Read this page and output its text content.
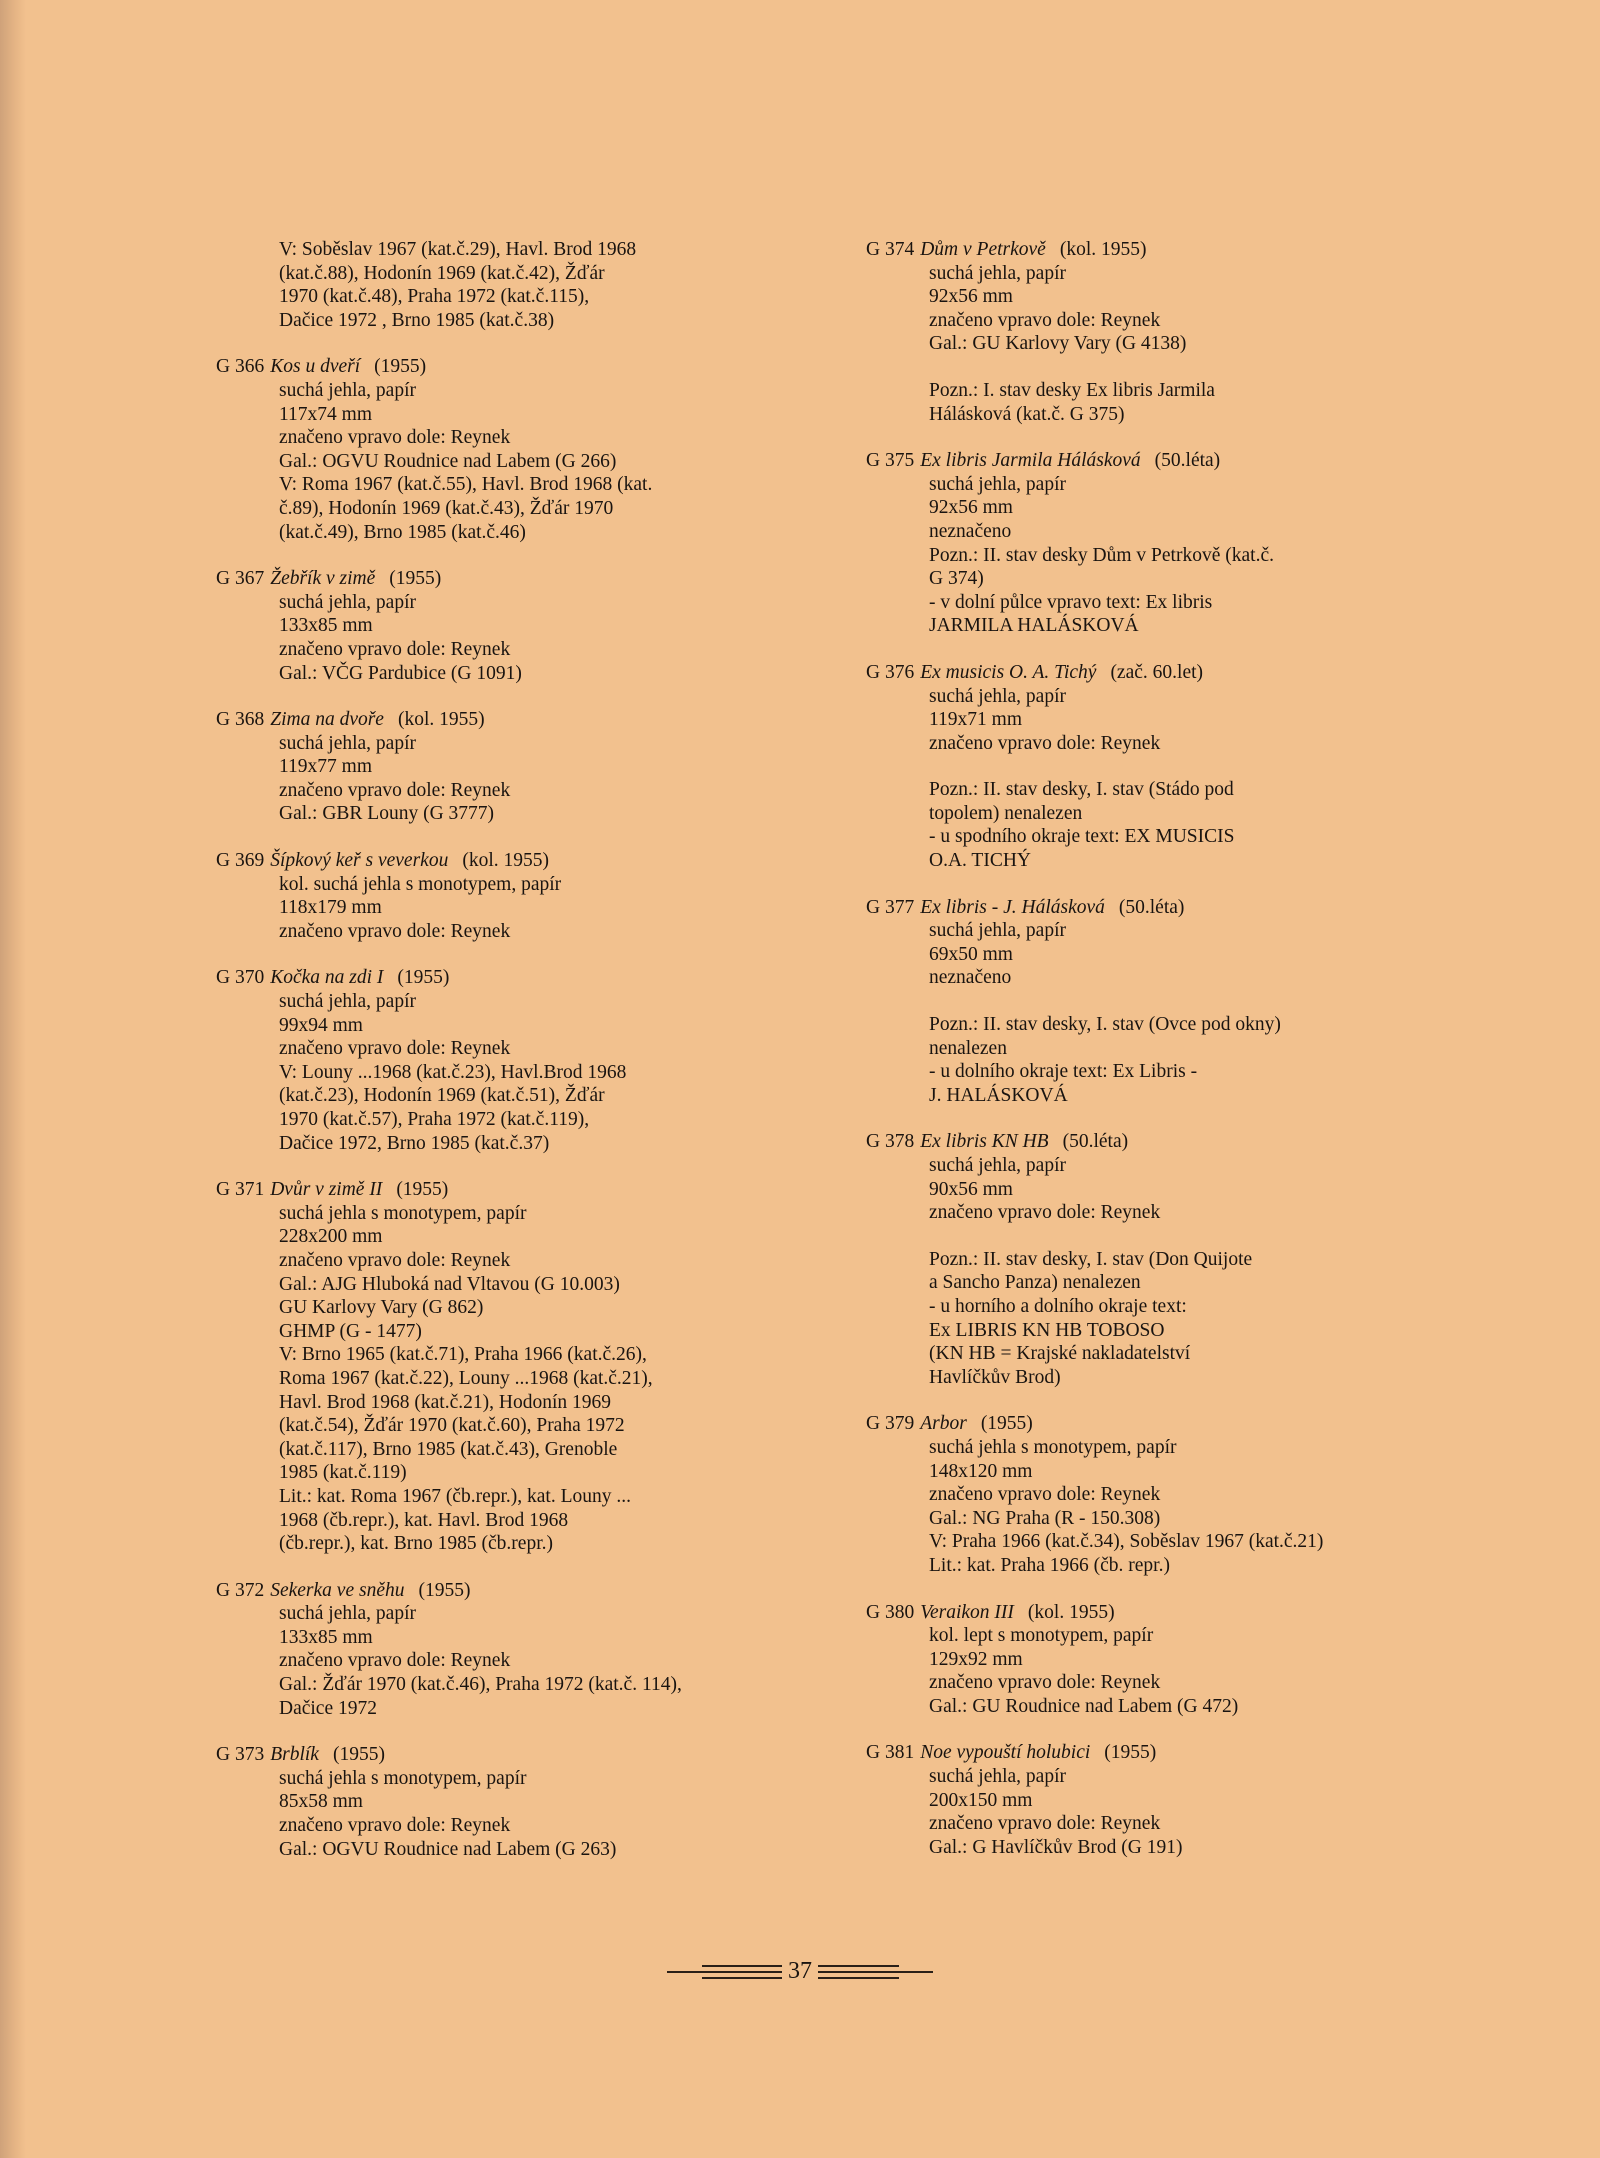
V: Soběslav 1967 (kat.č.29), Havl. Brod 1968
(kat.č.88), Hodonín 1969 (kat.č.42), Žďár
1970 (kat.č.48), Praha 1972 (kat.č.115),
Dačice 1972 , Brno 1985 (kat.č.38)
G 366 Kos u dveří (1955)
suchá jehla, papír
117x74 mm
značeno vpravo dole: Reynek
Gal.: OGVU Roudnice nad Labem (G 266)
V: Roma 1967 (kat.č.55), Havl. Brod 1968 (kat.
č.89), Hodonín 1969 (kat.č.43), Žďár 1970
(kat.č.49), Brno 1985 (kat.č.46)
G 367 Žebřík v zimě (1955)
suchá jehla, papír
133x85 mm
značeno vpravo dole: Reynek
Gal.: VČG Pardubice (G 1091)
G 368 Zima na dvoře (kol. 1955)
suchá jehla, papír
119x77 mm
značeno vpravo dole: Reynek
Gal.: GBR Louny (G 3777)
G 369 Šípkový keř s veverkou (kol. 1955)
kol. suchá jehla s monotypem, papír
118x179 mm
značeno vpravo dole: Reynek
G 370 Kočka na zdi I (1955)
suchá jehla, papír
99x94 mm
značeno vpravo dole: Reynek
V: Louny ...1968 (kat.č.23), Havl.Brod 1968
(kat.č.23), Hodonín 1969 (kat.č.51), Žďár
1970 (kat.č.57), Praha 1972 (kat.č.119),
Dačice 1972, Brno 1985 (kat.č.37)
G 371 Dvůr v zimě II (1955)
suchá jehla s monotypem, papír
228x200 mm
značeno vpravo dole: Reynek
Gal.: AJG Hluboká nad Vltavou (G 10.003)
GU Karlovy Vary (G 862)
GHMP (G - 1477)
V: Brno 1965 (kat.č.71), Praha 1966 (kat.č.26),
Roma 1967 (kat.č.22), Louny ...1968 (kat.č.21),
Havl. Brod 1968 (kat.č.21), Hodonín 1969
(kat.č.54), Žďár 1970 (kat.č.60), Praha 1972
(kat.č.117), Brno 1985 (kat.č.43), Grenoble
1985 (kat.č.119)
Lit.: kat. Roma 1967 (čb.repr.), kat. Louny ...
1968 (čb.repr.), kat. Havl. Brod 1968
(čb.repr.), kat. Brno 1985 (čb.repr.)
G 372 Sekerka ve sněhu (1955)
suchá jehla, papír
133x85 mm
značeno vpravo dole: Reynek
Gal.: Žďár 1970 (kat.č.46), Praha 1972 (kat.č. 114),
Dačice 1972
G 373 Brblík (1955)
suchá jehla s monotypem, papír
85x58 mm
značeno vpravo dole: Reynek
Gal.: OGVU Roudnice nad Labem (G 263)
G 374 Dům v Petrkově (kol. 1955)
suchá jehla, papír
92x56 mm
značeno vpravo dole: Reynek
Gal.: GU Karlovy Vary (G 4138)
Pozn.: I. stav desky Ex libris Jarmila
Hálásková (kat.č. G 375)
G 375 Ex libris Jarmila Hálásková (50.léta)
suchá jehla, papír
92x56 mm
neznačeno
Pozn.: II. stav desky Dům v Petrkově (kat.č.
G 374)
- v dolní půlce vpravo text: Ex libris
JARMILA HALÁSKOVÁ
G 376 Ex musicis O. A. Tichý (zač. 60.let)
suchá jehla, papír
119x71 mm
značeno vpravo dole: Reynek
Pozn.: II. stav desky, I. stav (Stádo pod
topolem) nenalezen
- u spodního okraje text: EX MUSICIS
O.A. TICHÝ
G 377 Ex libris - J. Hálásková (50.léta)
suchá jehla, papír
69x50 mm
neznačeno
Pozn.: II. stav desky, I. stav (Ovce pod okny)
nenalezen
- u dolního okraje text: Ex Libris -
J. HALÁSKOVÁ
G 378 Ex libris KN HB (50.léta)
suchá jehla, papír
90x56 mm
značeno vpravo dole: Reynek
Pozn.: II. stav desky, I. stav (Don Quijote
a Sancho Panza) nenalezen
- u horního a dolního okraje text:
Ex LIBRIS KN HB TOBOSO
(KN HB = Krajské nakladatelství
Havlíčkův Brod)
G 379 Arbor (1955)
suchá jehla s monotypem, papír
148x120 mm
značeno vpravo dole: Reynek
Gal.: NG Praha (R - 150.308)
V: Praha 1966 (kat.č.34), Soběslav 1967 (kat.č.21)
Lit.: kat. Praha 1966 (čb. repr.)
G 380 Veraikon III (kol. 1955)
kol. lept s monotypem, papír
129x92 mm
značeno vpravo dole: Reynek
Gal.: GU Roudnice nad Labem (G 472)
G 381 Noe vypouští holubici (1955)
suchá jehla, papír
200x150 mm
značeno vpravo dole: Reynek
Gal.: G Havlíčkův Brod (G 191)
37
